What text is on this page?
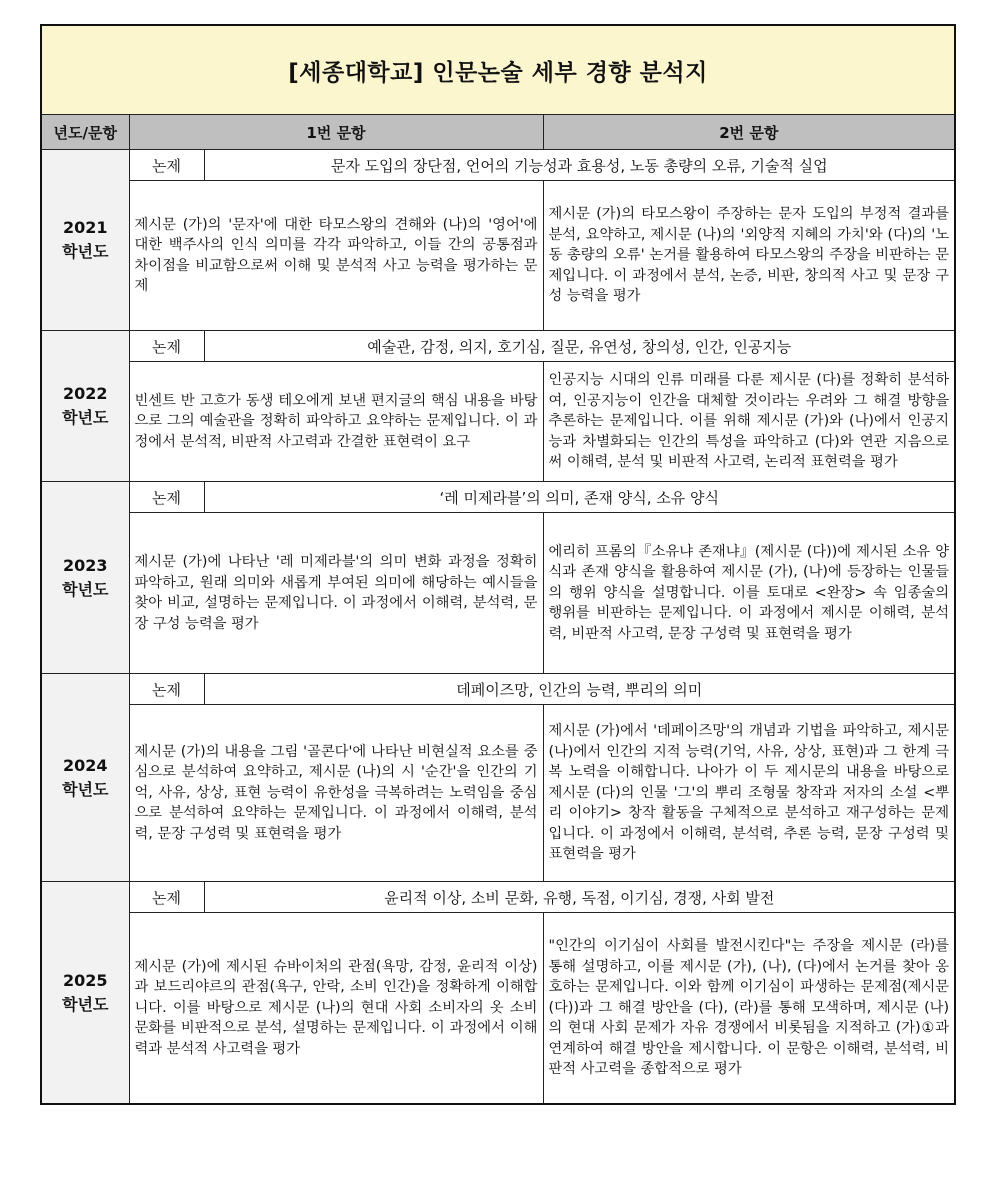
[세종대학교] 인문논술 세부 경향 분석지			
년도/문항	1번 문항		2번 문항
2021
학년도	논제	문자 도입의 장단점, 언어의 기능성과 효용성, 노동 총량의 오류, 기술적 실업	
	제시문 (가)의 '문자'에 대한 타모스왕의 견해와 (나)의 '영어'에 대한 백주사의 인식 의미를 각각 파악하고, 이들 간의 공통점과 차이점을 비교함으로써 이해 및 분석적 사고 능력을 평가하는 문제		제시문 (가)의 타모스왕이 주장하는 문자 도입의 부정적 결과를 분석, 요약하고, 제시문 (나)의 '외양적 지혜의 가치'와 (다)의 '노동 총량의 오류' 논거를 활용하여 타모스왕의 주장을 비판하는 문제입니다. 이 과정에서 분석, 논증, 비판, 창의적 사고 및 문장 구성 능력을 평가
2022
학년도	논제	예술관, 감정, 의지, 호기심, 질문, 유연성, 창의성, 인간, 인공지능	
	빈센트 반 고흐가 동생 테오에게 보낸 편지글의 핵심 내용을 바탕으로 그의 예술관을 정확히 파악하고 요약하는 문제입니다. 이 과정에서 분석적, 비판적 사고력과 간결한 표현력이 요구		인공지능 시대의 인류 미래를 다룬 제시문 (다)를 정확히 분석하여, 인공지능이 인간을 대체할 것이라는 우려와 그 해결 방향을 추론하는 문제입니다. 이를 위해 제시문 (가)와 (나)에서 인공지능과 차별화되는 인간의 특성을 파악하고 (다)와 연관 지음으로써 이해력, 분석 및 비판적 사고력, 논리적 표현력을 평가
2023
학년도	논제	‘레 미제라블’의 의미, 존재 양식, 소유 양식	
	제시문 (가)에 나타난 '레 미제라블'의 의미 변화 과정을 정확히 파악하고, 원래 의미와 새롭게 부여된 의미에 해당하는 예시들을 찾아 비교, 설명하는 문제입니다. 이 과정에서 이해력, 분석력, 문장 구성 능력을 평가		에리히 프롬의『소유냐 존재냐』(제시문 (다))에 제시된 소유 양식과 존재 양식을 활용하여 제시문 (가), (나)에 등장하는 인물들의 행위 양식을 설명합니다. 이를 토대로 <완장> 속 임종술의 행위를 비판하는 문제입니다. 이 과정에서 제시문 이해력, 분석력, 비판적 사고력, 문장 구성력 및 표현력을 평가
2024
학년도	논제	데페이즈망, 인간의 능력, 뿌리의 의미	
	제시문 (가)의 내용을 그림 '골콘다'에 나타난 비현실적 요소를 중심으로 분석하여 요약하고, 제시문 (나)의 시 '순간'을 인간의 기억, 사유, 상상, 표현 능력이 유한성을 극복하려는 노력임을 중심으로 분석하여 요약하는 문제입니다. 이 과정에서 이해력, 분석력, 문장 구성력 및 표현력을 평가		제시문 (가)에서 '데페이즈망'의 개념과 기법을 파악하고, 제시문 (나)에서 인간의 지적 능력(기억, 사유, 상상, 표현)과 그 한계 극복 노력을 이해합니다. 나아가 이 두 제시문의 내용을 바탕으로 제시문 (다)의 인물 '그'의 뿌리 조형물 창작과 저자의 소설 <뿌리 이야기> 창작 활동을 구체적으로 분석하고 재구성하는 문제입니다. 이 과정에서 이해력, 분석력, 추론 능력, 문장 구성력 및 표현력을 평가
2025
학년도	논제	윤리적 이상, 소비 문화, 유행, 독점, 이기심, 경쟁, 사회 발전	
	제시문 (가)에 제시된 슈바이처의 관점(욕망, 감정, 윤리적 이상)과 보드리야르의 관점(욕구, 안락, 소비 인간)을 정확하게 이해합니다. 이를 바탕으로 제시문 (나)의 현대 사회 소비자의 옷 소비 문화를 비판적으로 분석, 설명하는 문제입니다. 이 과정에서 이해력과 분석적 사고력을 평가		"인간의 이기심이 사회를 발전시킨다"는 주장을 제시문 (라)를 통해 설명하고, 이를 제시문 (가), (나), (다)에서 논거를 찾아 옹호하는 문제입니다. 이와 함께 이기심이 파생하는 문제점(제시문 (다))과 그 해결 방안을 (다), (라)를 통해 모색하며, 제시문 (나)의 현대 사회 문제가 자유 경쟁에서 비롯됨을 지적하고 (가)①과 연계하여 해결 방안을 제시합니다. 이 문항은 이해력, 분석력, 비판적 사고력을 종합적으로 평가
